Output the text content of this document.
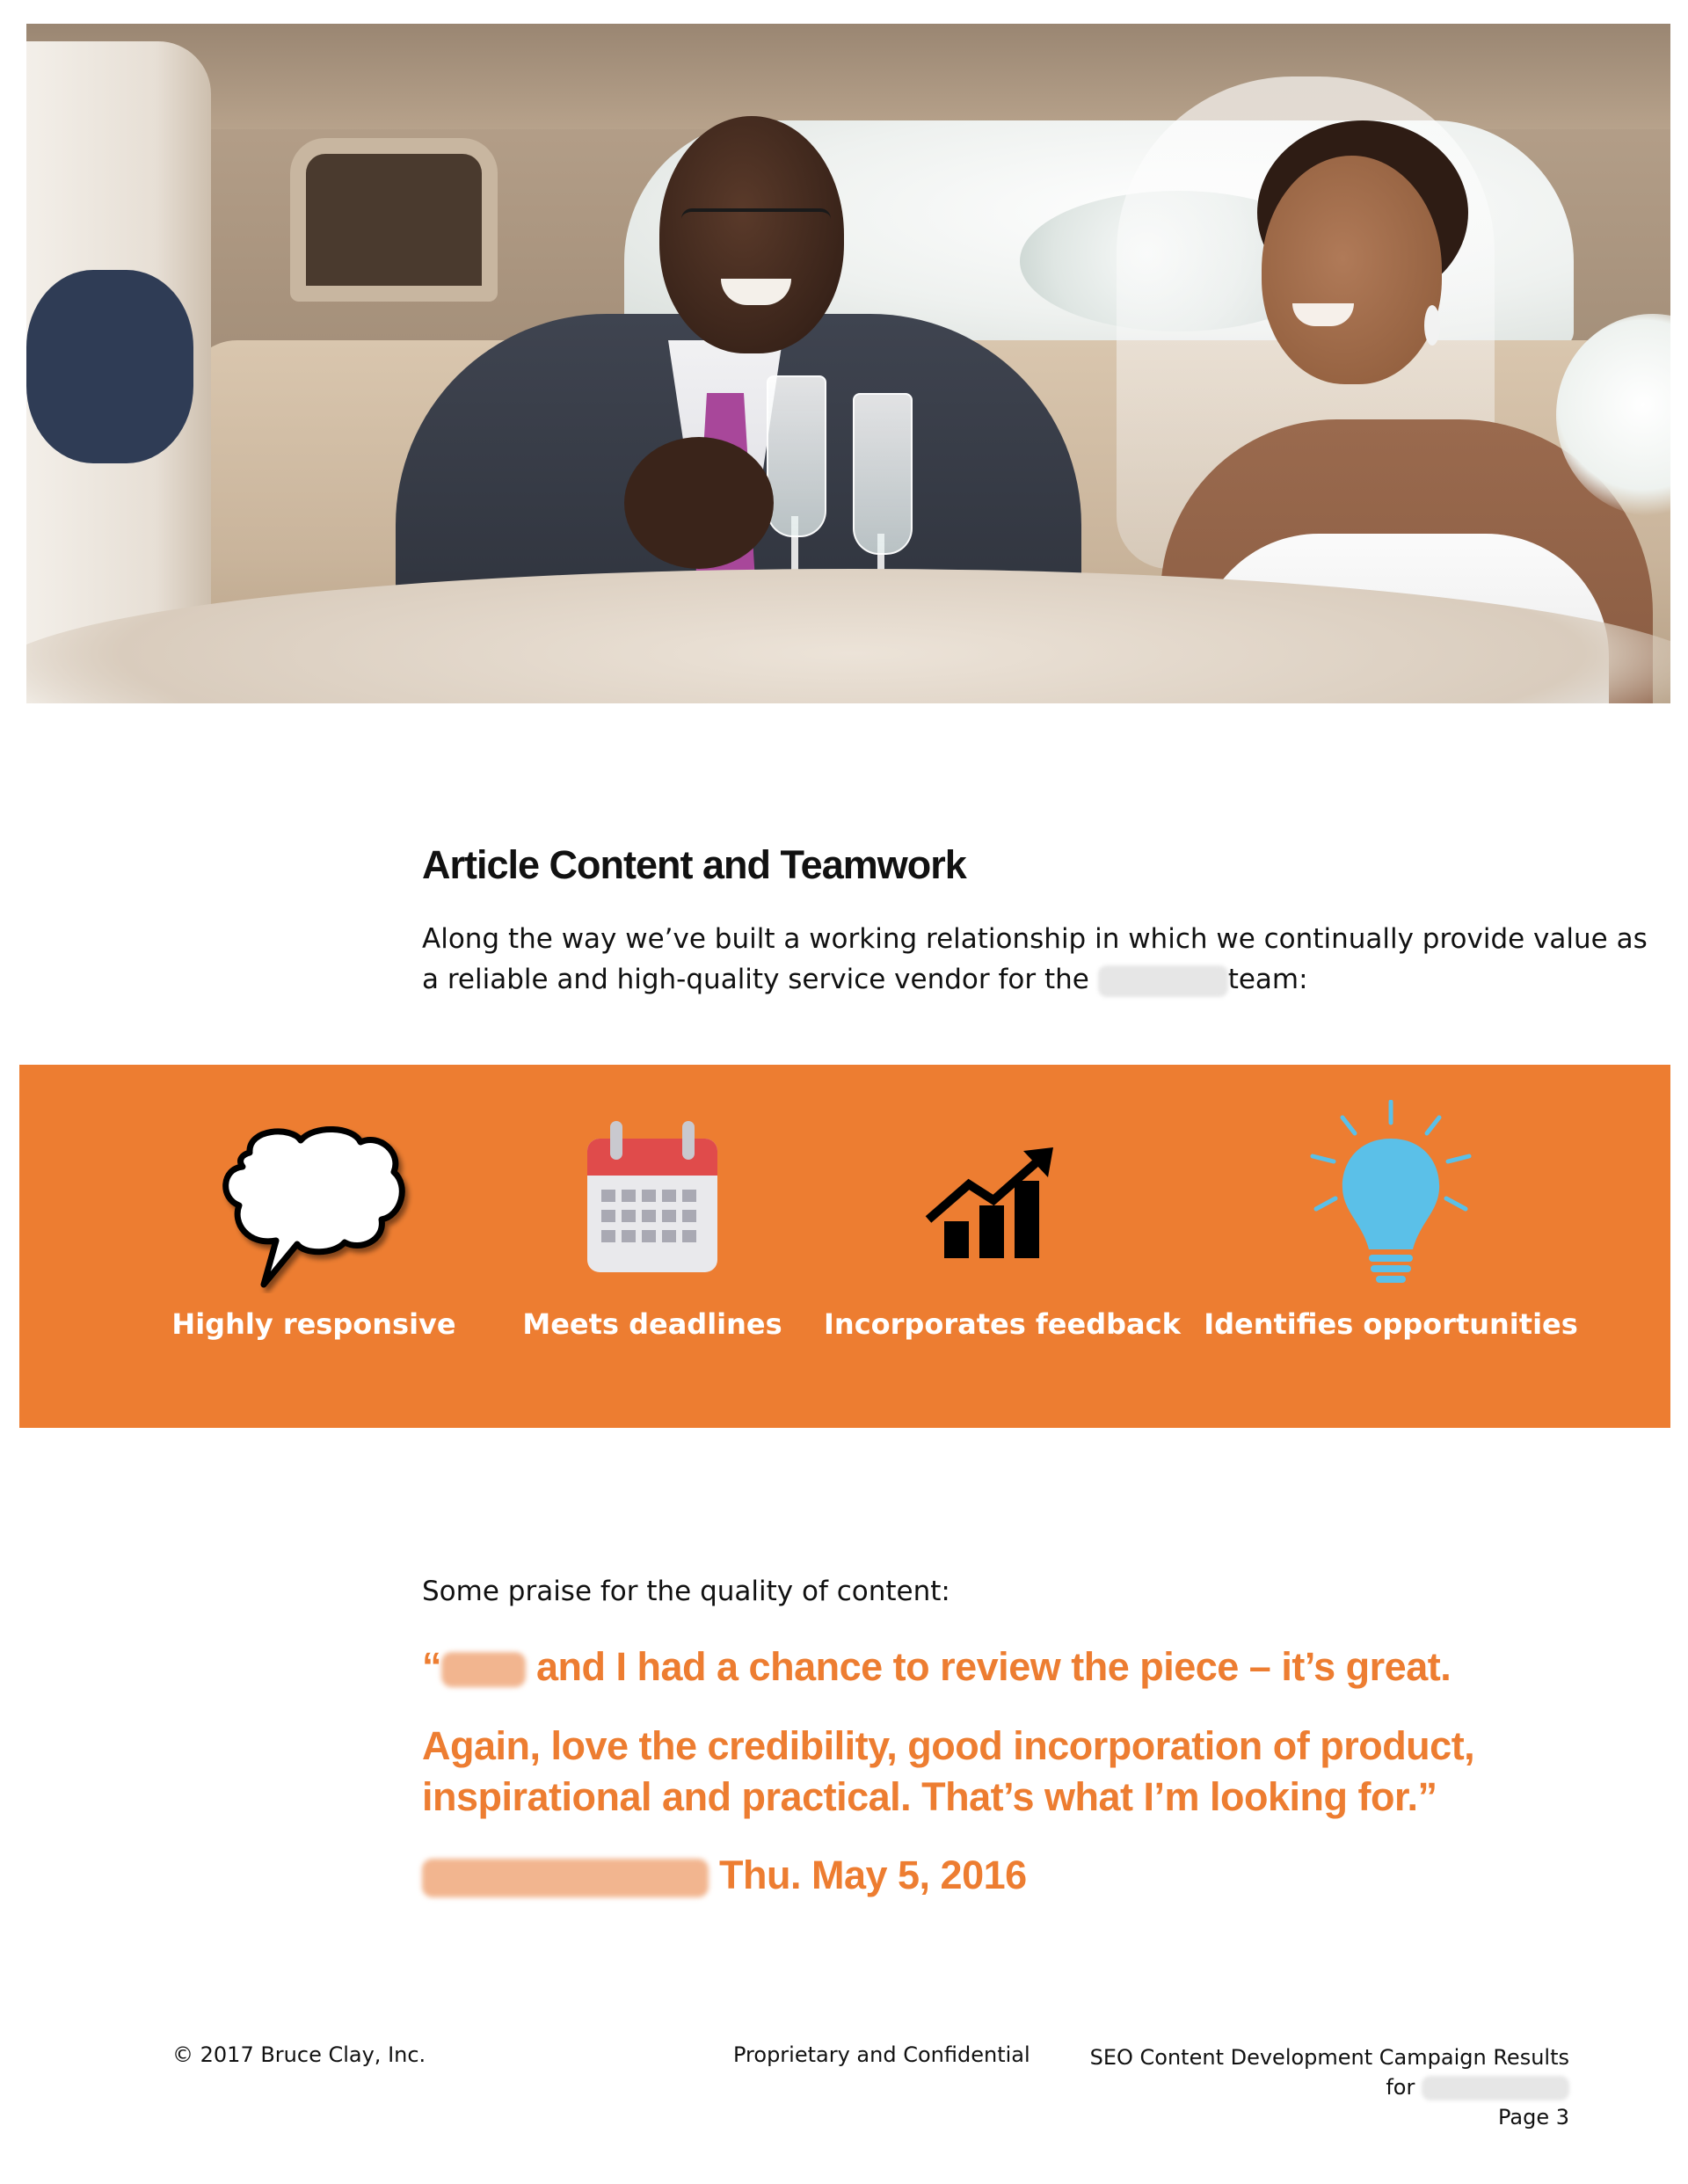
Article Content and Teamwork

Along the way we’ve built a working relationship in which we continually provide value as
a reliable and high-quality service vendor for the	team:

Highly responsive	Meets deadlines	Incorporates feedback Identifies opportunities

Some praise for the quality of content:

“ and I had a chance to review the piece – it’s great.

Again, love the credibility, good incorporation of product,
inspirational and practical. That’s what I’m looking for.”

Thu. May 5, 2016

© 2017 Bruce Clay, Inc.	Proprietary and Confidential	SEO Content Development Campaign Results
for
Page 3
